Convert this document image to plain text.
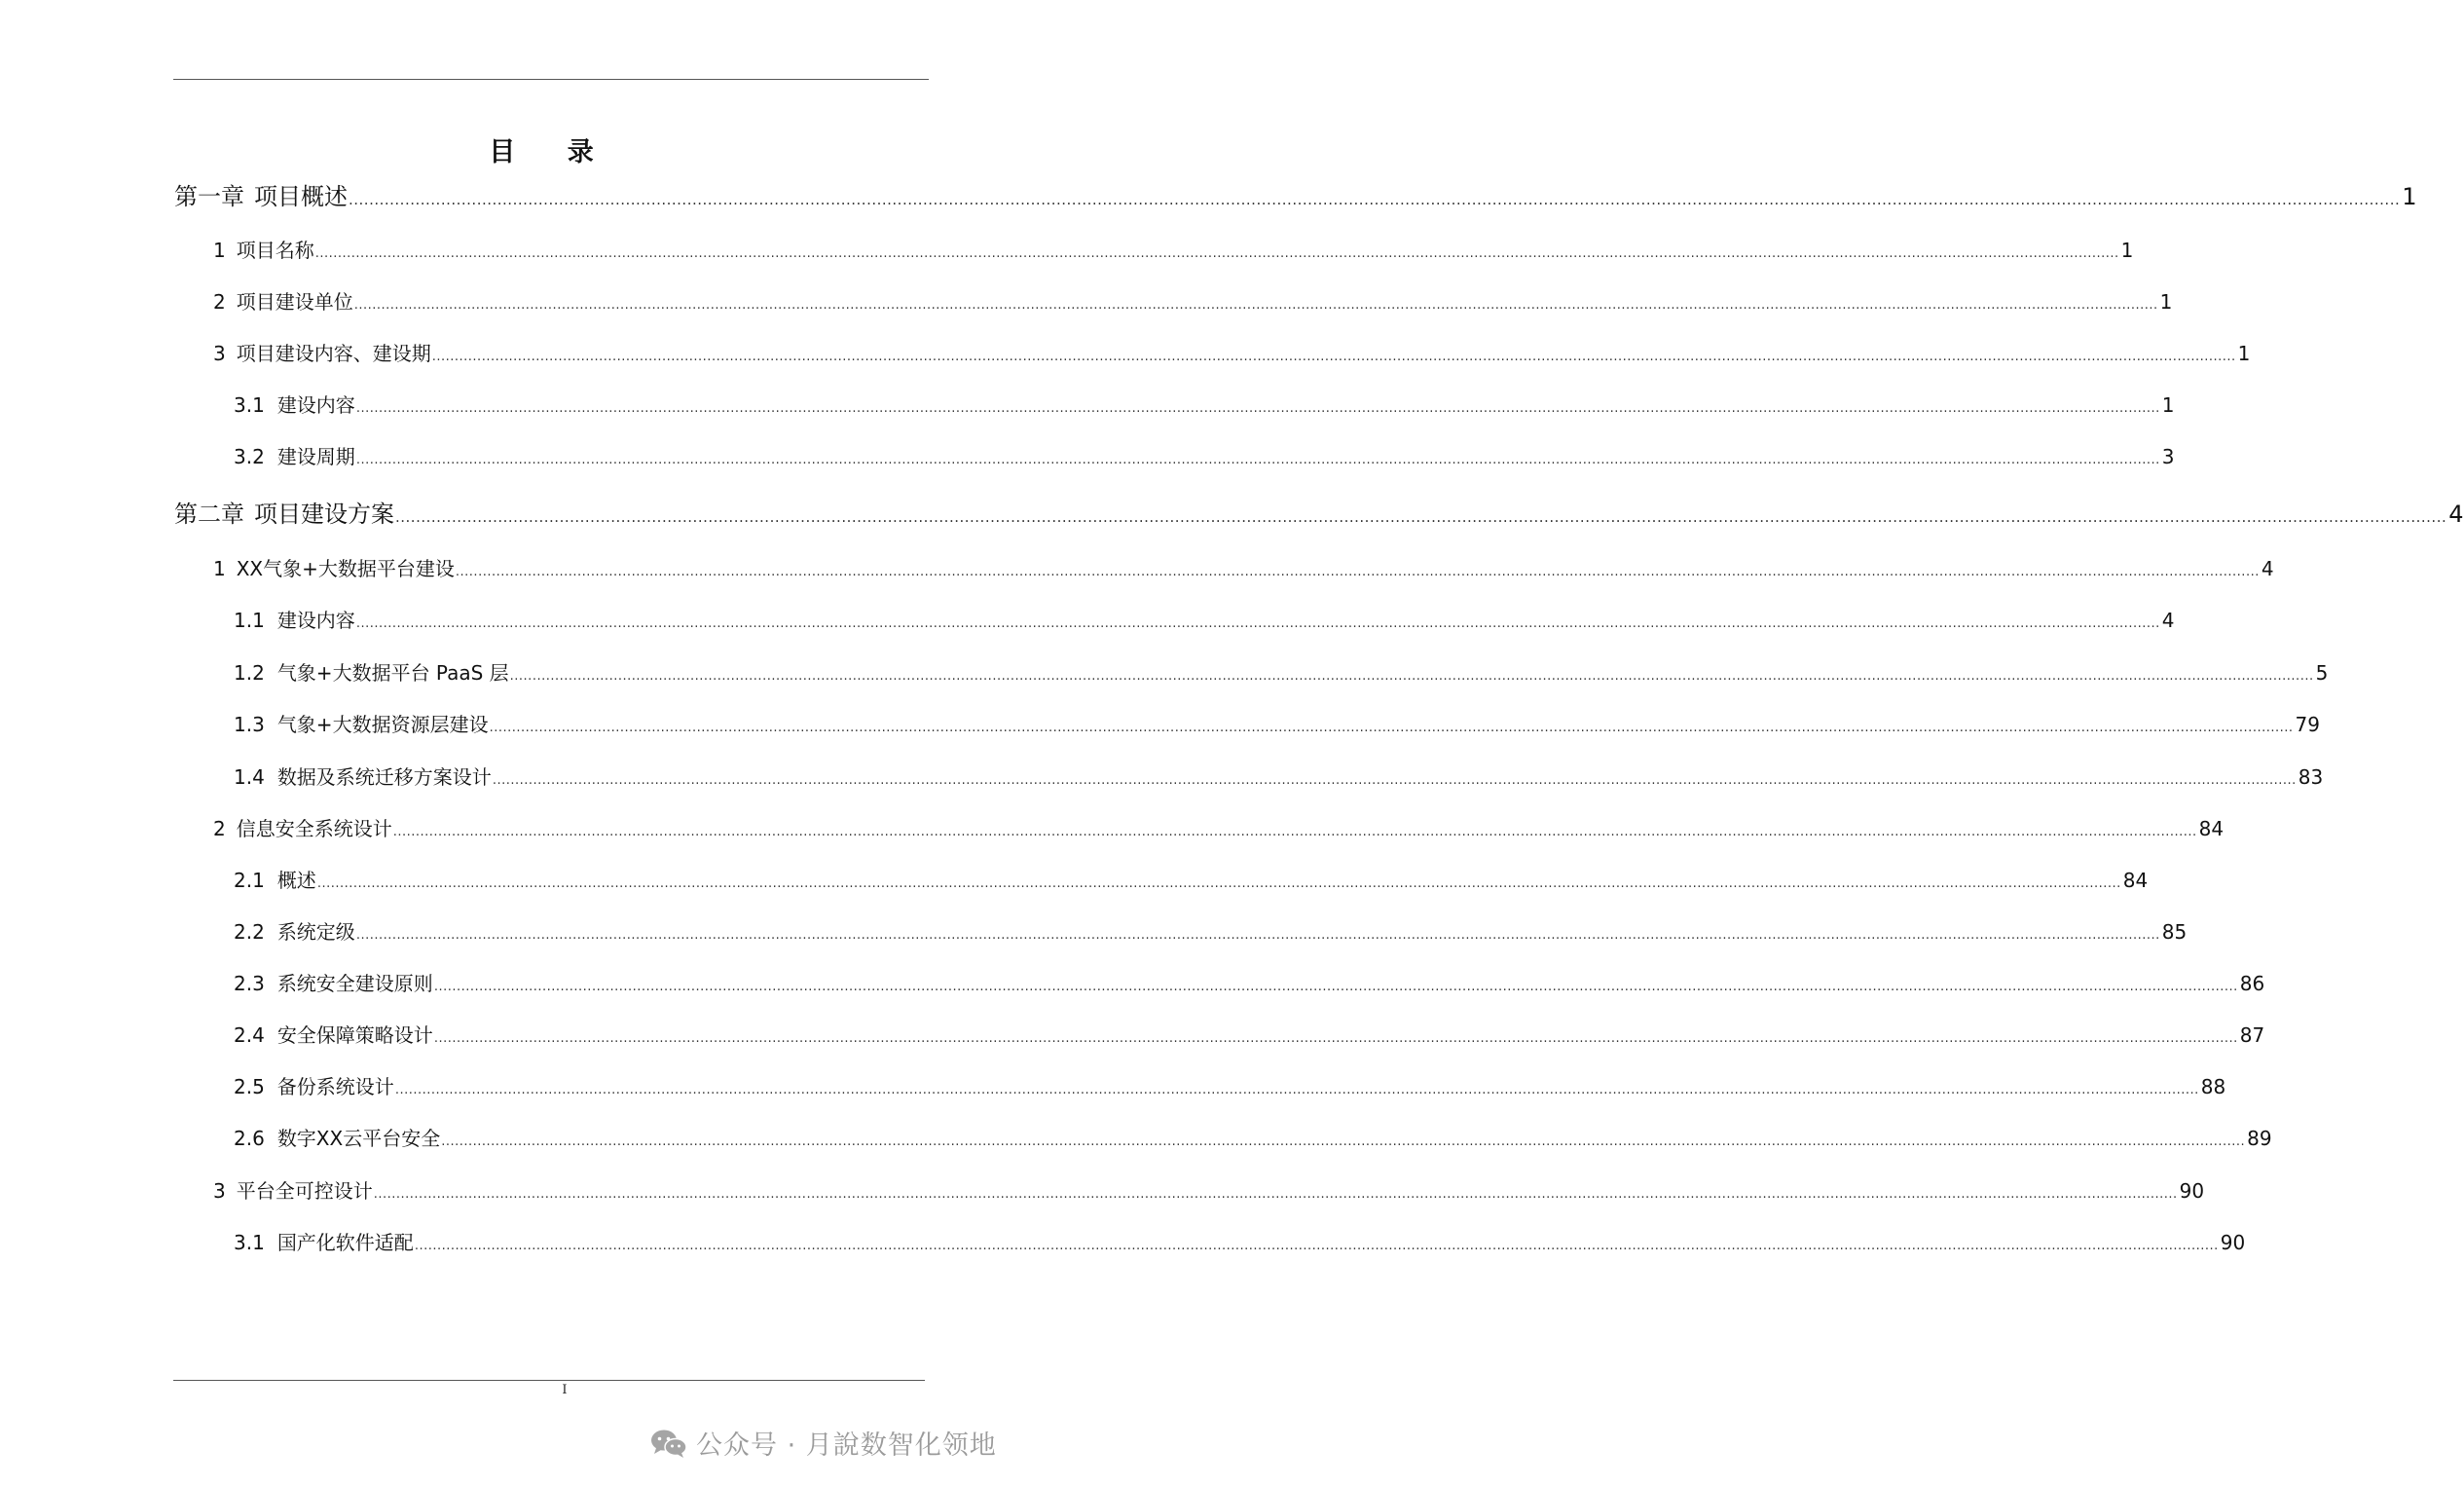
目 录
第一章 项目概述 ................................................................................................................................................................................................................................................................................................................................................................................................................ 1
1 项目名称 ................................................................................................................................................................................................................................................................................................................................................................................................................ 1
2 项目建设单位 ................................................................................................................................................................................................................................................................................................................................................................................................................ 1
3 项目建设内容、建设期 ................................................................................................................................................................................................................................................................................................................................................................................................................ 1
3.1 建设内容 ................................................................................................................................................................................................................................................................................................................................................................................................................ 1
3.2 建设周期 ................................................................................................................................................................................................................................................................................................................................................................................................................ 3
第二章 项目建设方案 ................................................................................................................................................................................................................................................................................................................................................................................................................ 4
1 XX气象+大数据平台建设 ................................................................................................................................................................................................................................................................................................................................................................................................................ 4
1.1 建设内容 ................................................................................................................................................................................................................................................................................................................................................................................................................ 4
1.2 气象+大数据平台 PaaS 层 ................................................................................................................................................................................................................................................................................................................................................................................................................ 5
1.3 气象+大数据资源层建设 ................................................................................................................................................................................................................................................................................................................................................................................................................ 79
1.4 数据及系统迁移方案设计 ................................................................................................................................................................................................................................................................................................................................................................................................................ 83
2 信息安全系统设计 ................................................................................................................................................................................................................................................................................................................................................................................................................ 84
2.1 概述 ................................................................................................................................................................................................................................................................................................................................................................................................................ 84
2.2 系统定级 ................................................................................................................................................................................................................................................................................................................................................................................................................ 85
2.3 系统安全建设原则 ................................................................................................................................................................................................................................................................................................................................................................................................................ 86
2.4 安全保障策略设计 ................................................................................................................................................................................................................................................................................................................................................................................................................ 87
2.5 备份系统设计 ................................................................................................................................................................................................................................................................................................................................................................................................................ 88
2.6 数字XX云平台安全 ................................................................................................................................................................................................................................................................................................................................................................................................................ 89
3 平台全可控设计 ................................................................................................................................................................................................................................................................................................................................................................................................................ 90
3.1 国产化软件适配 ................................................................................................................................................................................................................................................................................................................................................................................................................ 90
I
公众号 · 月說数智化领地
